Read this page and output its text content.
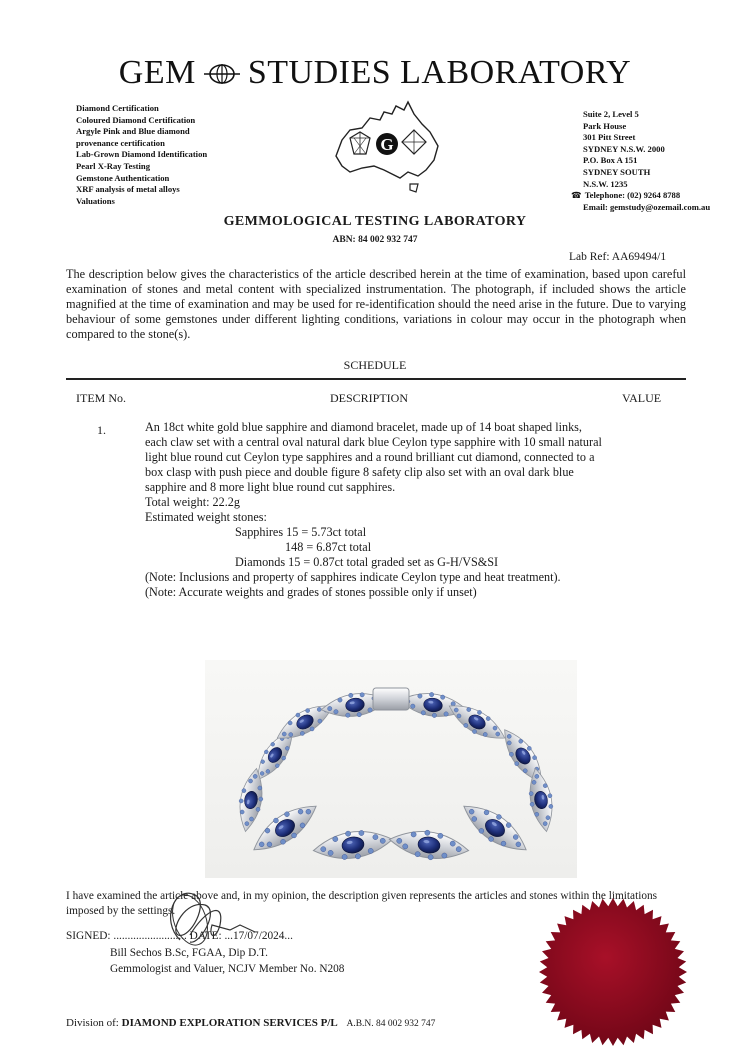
GEM STUDIES LABORATORY
Diamond Certification
Coloured Diamond Certification
Argyle Pink and Blue diamond
provenance certification
Lab-Grown Diamond Identification
Pearl X-Ray Testing
Gemstone Authentication
XRF analysis of metal alloys
Valuations
G
Suite 2, Level 5
Park House
301 Pitt Street
SYDNEY N.S.W. 2000
P.O. Box A 151
SYDNEY SOUTH
N.S.W. 1235
☎ Telephone: (02) 9264 8788
Email: gemstudy@ozemail.com.au
GEMMOLOGICAL TESTING LABORATORY
ABN: 84 002 932 747
Lab Ref: AA69494/1
The description below gives the characteristics of the article described herein at the time of examination, based upon careful examination of stones and metal content with specialized instrumentation. The photograph, if included shows the article magnified at the time of examination and may be used for re-identification should the need arise in the future. Due to varying behaviour of some gemstones under different lighting conditions, variations in colour may occur in the photograph when compared to the stone(s).
SCHEDULE
ITEM No.	DESCRIPTION	VALUE
1.	An 18ct white gold blue sapphire and diamond bracelet, made up of 14 boat shaped links, each claw set with a central oval natural dark blue Ceylon type sapphire with 10 small natural light blue round cut Ceylon type sapphires and a round brilliant cut diamond, connected to a box clasp with push piece and double figure 8 safety clip also set with an oval dark blue sapphire and 8 more light blue round cut sapphires.

Total weight: 22.2g

Estimated weight stones:

Sapphires 15 = 5.73ct total

148 = 6.87ct total

Diamonds 15 = 0.87ct total graded set as G-H/VS&SI

(Note: Inclusions and property of sapphires indicate Ceylon type and heat treatment).

(Note: Accurate weights and grades of stones possible only if unset)

I have examined the article above and, in my opinion, the description given represents the articles and stones within the limitations imposed by the settings.
SIGNED: .......................... DATE: ...17/07/2024...
Bill Sechos B.Sc, FGAA, Dip D.T.
Gemmologist and Valuer, NCJV Member No. N208
Division of: DIAMOND EXPLORATION SERVICES P/L A.B.N. 84 002 932 747
